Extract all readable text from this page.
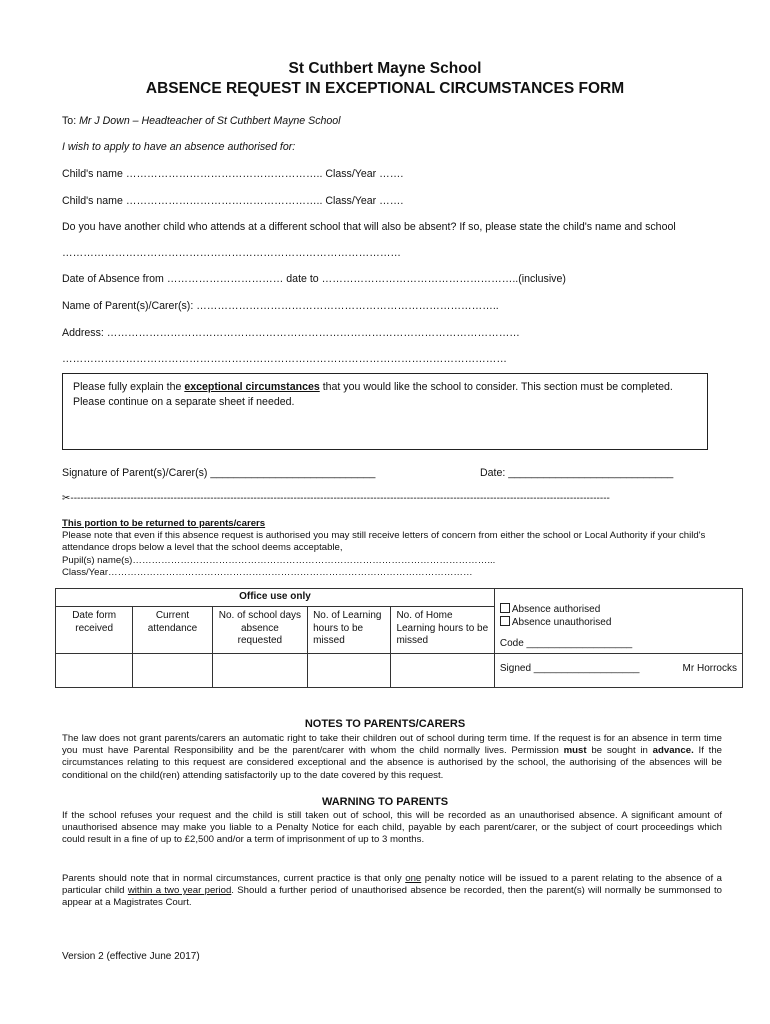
St Cuthbert Mayne School
ABSENCE REQUEST IN EXCEPTIONAL CIRCUMSTANCES FORM
To: Mr J Down – Headteacher of St Cuthbert Mayne School
I wish to apply to have an absence authorised for:
Child's name ……………………………………………….. Class/Year …….
Child's name ……………………………………………….. Class/Year …….
Do you have another child who attends at a different school that will also be absent? If so, please state the child's name and school
……………………………………………………………………………………
Date of Absence from …………………………… date to ………………………………………………..(inclusive)
Name of Parent(s)/Carer(s): …………………………………………………………………………..
Address: ………………………………………………………………………………………………………
………………………………………………………………………………………………………………
Please fully explain the exceptional circumstances that you would like the school to consider. This section must be completed. Please continue on a separate sheet if needed.
Signature of Parent(s)/Carer(s) ____________________________	Date: ____________________________
✂------------------------------------------------------------------------------------------------------------------------------------------------------------------
This portion to be returned to parents/carers
Please note that even if this absence request is authorised you may still receive letters of concern from either the school or Local Authority if your child's attendance drops below a level that the school deems acceptable,
Pupil(s) name(s)…………………………………………………………………………………………………...
Class/Year……………………………………………………………………………………………………
Office use only					Absence authorised
Absence unauthorised
Code ___________________

Date form received	Current attendance	No. of school days absence requested	No. of Learning hours to be missed	No. of Home Learning hours to be missed	
					Signed ___________________ Mr Horrocks
NOTES TO PARENTS/CARERS
The law does not grant parents/carers an automatic right to take their children out of school during term time. If the request is for an absence in term time you must have Parental Responsibility and be the parent/carer with whom the child normally lives. Permission must be sought in advance. If the circumstances relating to this request are considered exceptional and the absence is authorised by the school, the authorising of the absences will be conditional on the child(ren) attending satisfactorily up to the date covered by this request.
WARNING TO PARENTS
If the school refuses your request and the child is still taken out of school, this will be recorded as an unauthorised absence. A significant amount of unauthorised absence may make you liable to a Penalty Notice for each child, payable by each parent/carer, or the subject of court proceedings which could result in a fine of up to £2,500 and/or a term of imprisonment of up to 3 months.
Parents should note that in normal circumstances, current practice is that only one penalty notice will be issued to a parent relating to the absence of a particular child within a two year period. Should a further period of unauthorised absence be recorded, then the parent(s) will normally be summonsed to appear at a Magistrates Court.
Version 2 (effective June 2017)
